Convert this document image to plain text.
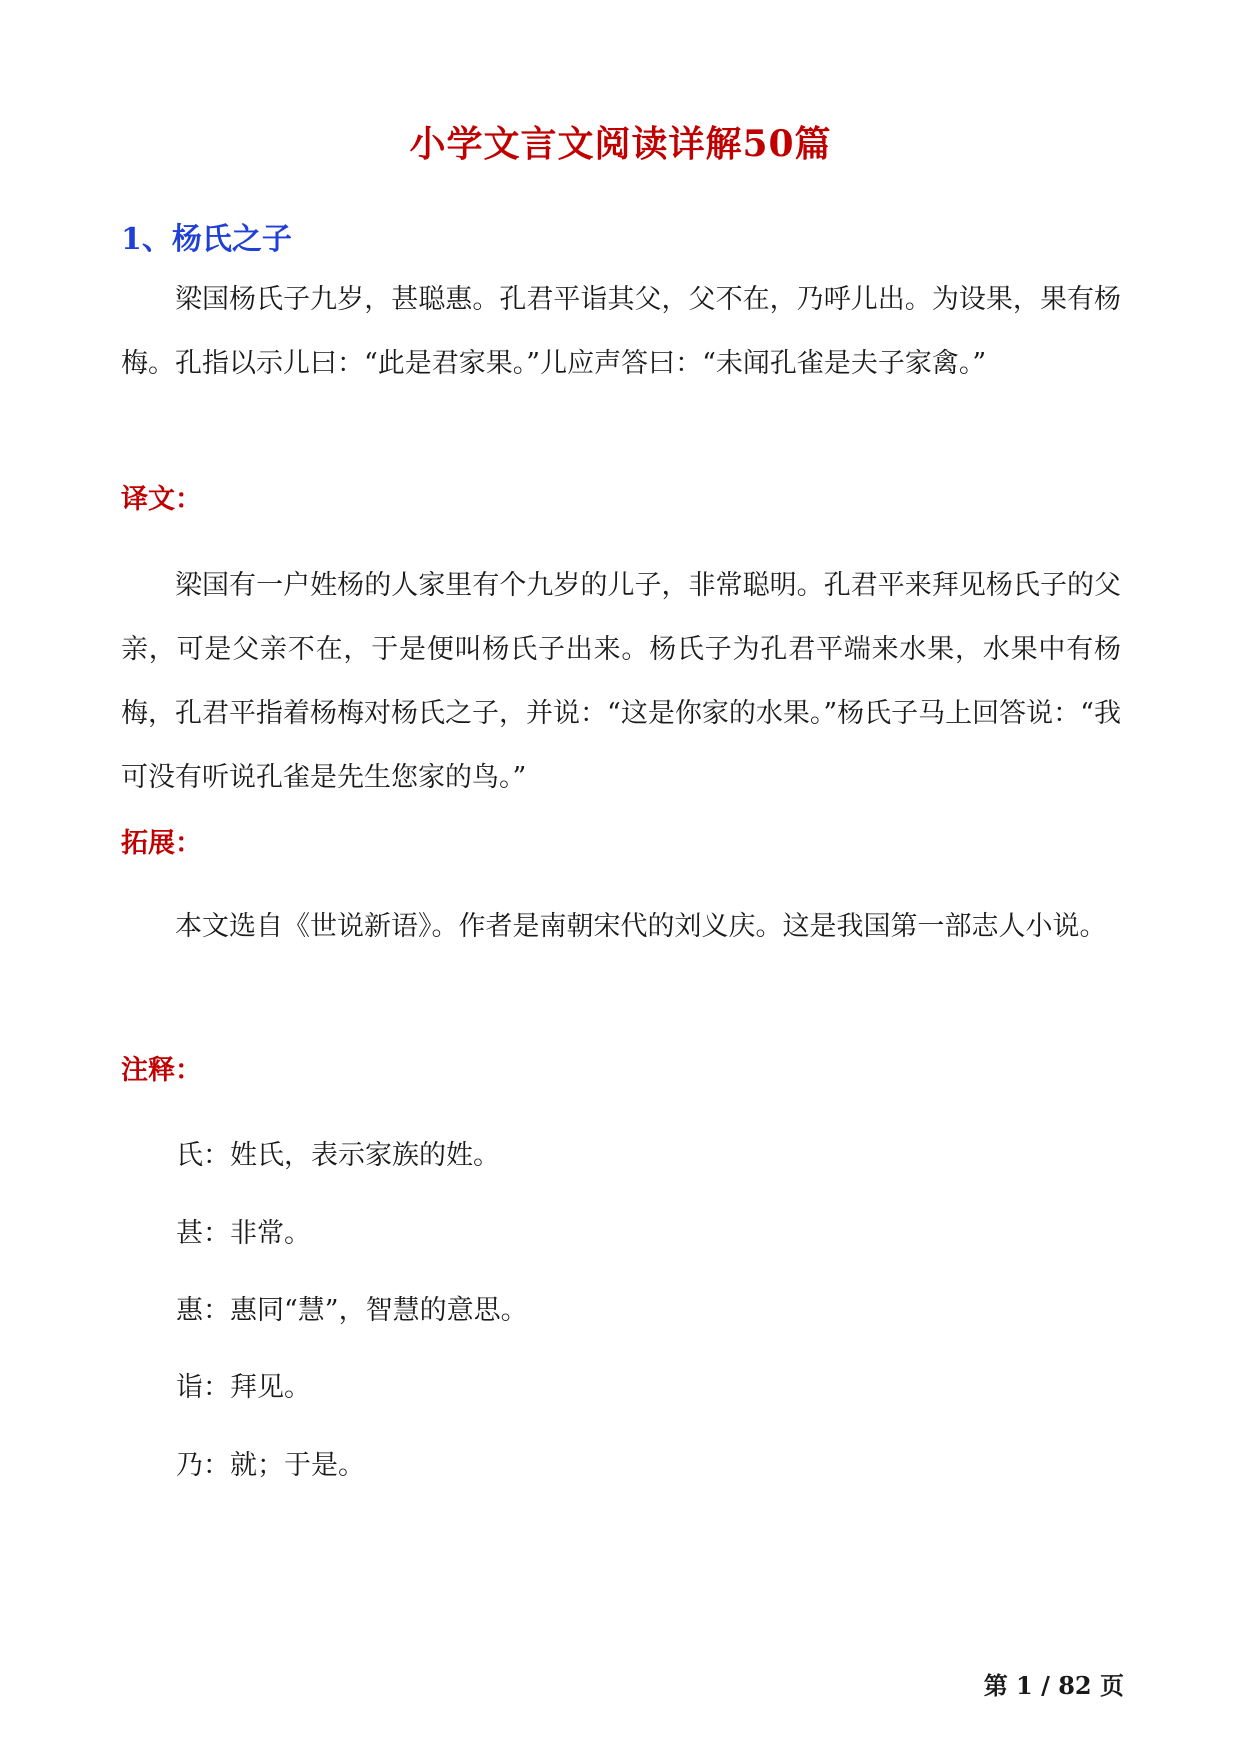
小学文言文阅读详解50篇
1、杨氏之子

梁国杨氏子九岁，甚聪惠。孔君平诣其父，父不在，乃呼儿出。为设果，果有杨梅。孔指以示儿曰：“此是君家果。”儿应声答曰：“未闻孔雀是夫子家禽。”

译文：

梁国有一户姓杨的人家里有个九岁的儿子，非常聪明。孔君平来拜见杨氏子的父亲，可是父亲不在，于是便叫杨氏子出来。杨氏子为孔君平端来水果，水果中有杨梅，孔君平指着杨梅对杨氏之子，并说：“这是你家的水果。”杨氏子马上回答说：“我可没有听说孔雀是先生您家的鸟。”

拓展：

本文选自《世说新语》。作者是南朝宋代的刘义庆。这是我国第一部志人小说。

注释：
氏：姓氏，表示家族的姓。
甚：非常。
惠：惠同“慧”，智慧的意思。
诣：拜见。
乃：就；于是。
第 1 / 82 页
